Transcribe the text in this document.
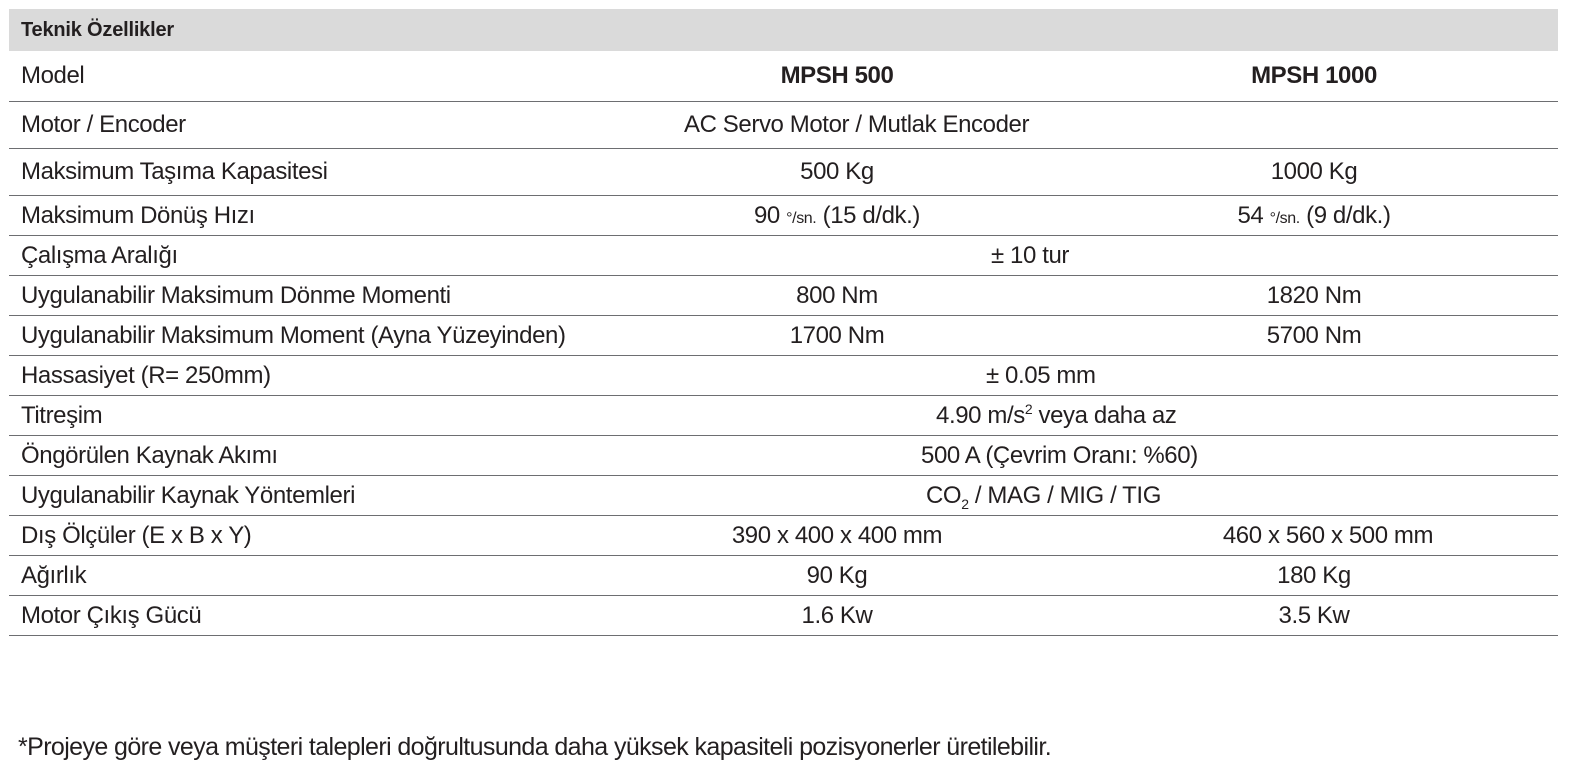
Teknik Özellikler
Model	MPSH 500	MPSH 1000
Motor / Encoder	AC Servo Motor / Mutlak Encoder	
Maksimum Taşıma Kapasitesi	500 Kg	1000 Kg
Maksimum Dönüş Hızı	90 °/sn. (15 d/dk.)	54 °/sn. (9 d/dk.)
Çalışma Aralığı	± 10 tur	
Uygulanabilir Maksimum Dönme Momenti	800 Nm	1820 Nm
Uygulanabilir Maksimum Moment (Ayna Yüzeyinden)	1700 Nm	5700 Nm
Hassasiyet (R= 250mm)	± 0.05 mm	
Titreşim	4.90 $m/s^2$ veya daha az	
Öngörülen Kaynak Akımı	500 A (Çevrim Oranı: %60)	
Uygulanabilir Kaynak Yöntemleri	$CO_2$ / MAG / MIG / TIG	
Dış Ölçüler (E x B x Y)	390 x 400 x 400 mm	460 x 560 x 500 mm
Ağırlık	90 Kg	180 Kg
Motor Çıkış Gücü	1.6 Kw	3.5 Kw
*Projeye göre veya müşteri talepleri doğrultusunda daha yüksek kapasiteli pozisyonerler üretilebilir.
